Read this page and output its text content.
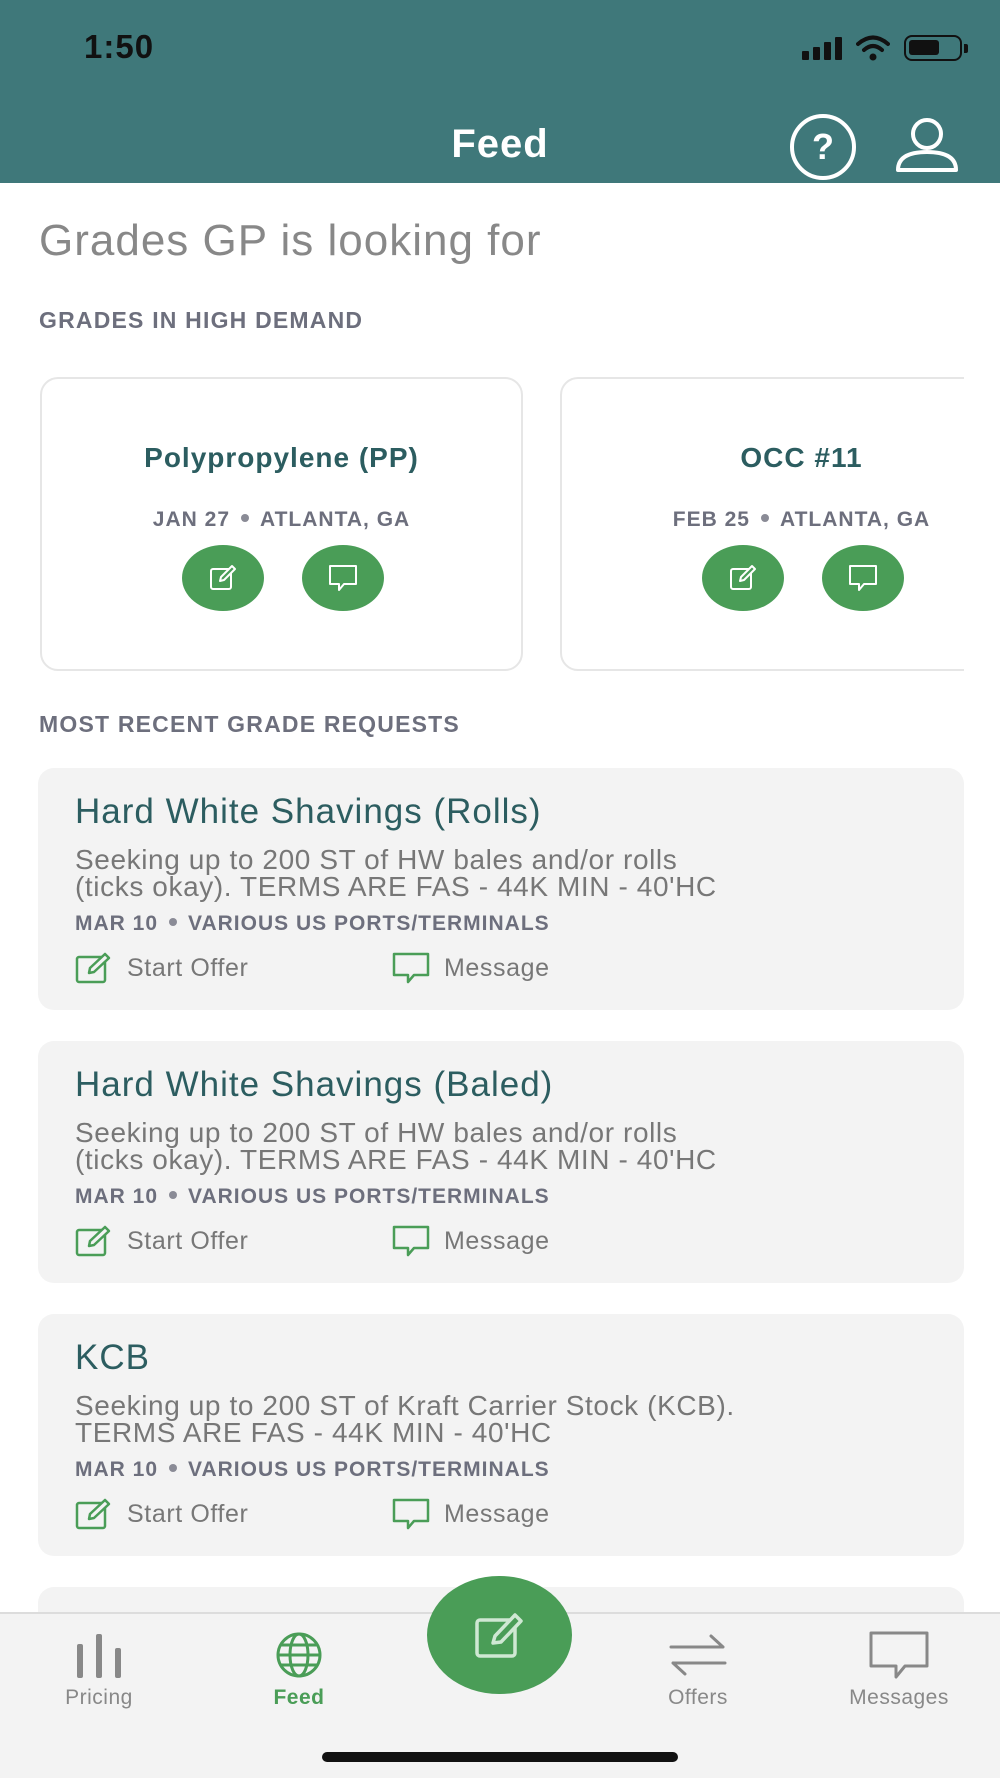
1:50
Feed	?
Grades GP is looking for
GRADES IN HIGH DEMAND
Polypropylene (PP)
JAN 27 ATLANTA, GA
OCC #11
FEB 25 ATLANTA, GA
MOST RECENT GRADE REQUESTS
Hard White Shavings (Rolls)
Seeking up to 200 ST of HW bales and/or rolls
(ticks okay). TERMS ARE FAS - 44K MIN - 40'HC
MAR 10 VARIOUS US PORTS/TERMINALS
Start Offer	Message
Hard White Shavings (Baled)
Seeking up to 200 ST of HW bales and/or rolls
(ticks okay). TERMS ARE FAS - 44K MIN - 40'HC
MAR 10 VARIOUS US PORTS/TERMINALS
Start Offer	Message
KCB
Seeking up to 200 ST of Kraft Carrier Stock (KCB).
TERMS ARE FAS - 44K MIN - 40'HC
MAR 10 VARIOUS US PORTS/TERMINALS
Start Offer	Message
Pricing	Feed	Offers	Messages
